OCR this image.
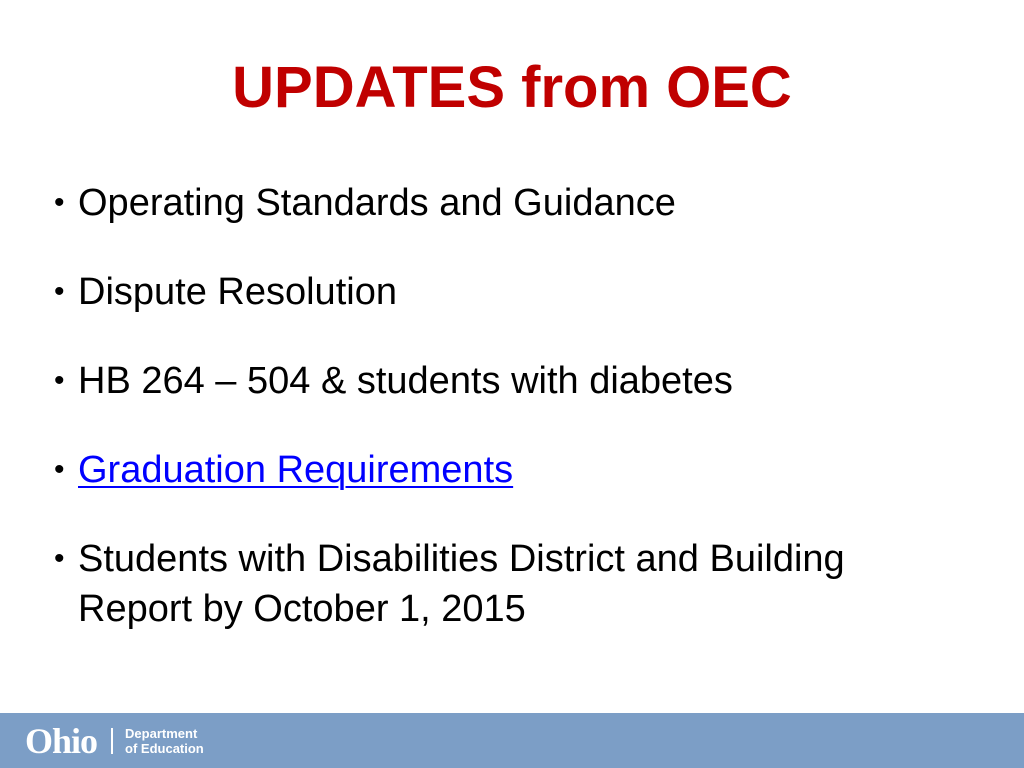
UPDATES from OEC
• Operating Standards and Guidance
• Dispute Resolution
• HB 264 – 504 & students with diabetes
• Graduation Requirements
• Students with Disabilities District and Building Report by October 1, 2015
Ohio Department
of Education
